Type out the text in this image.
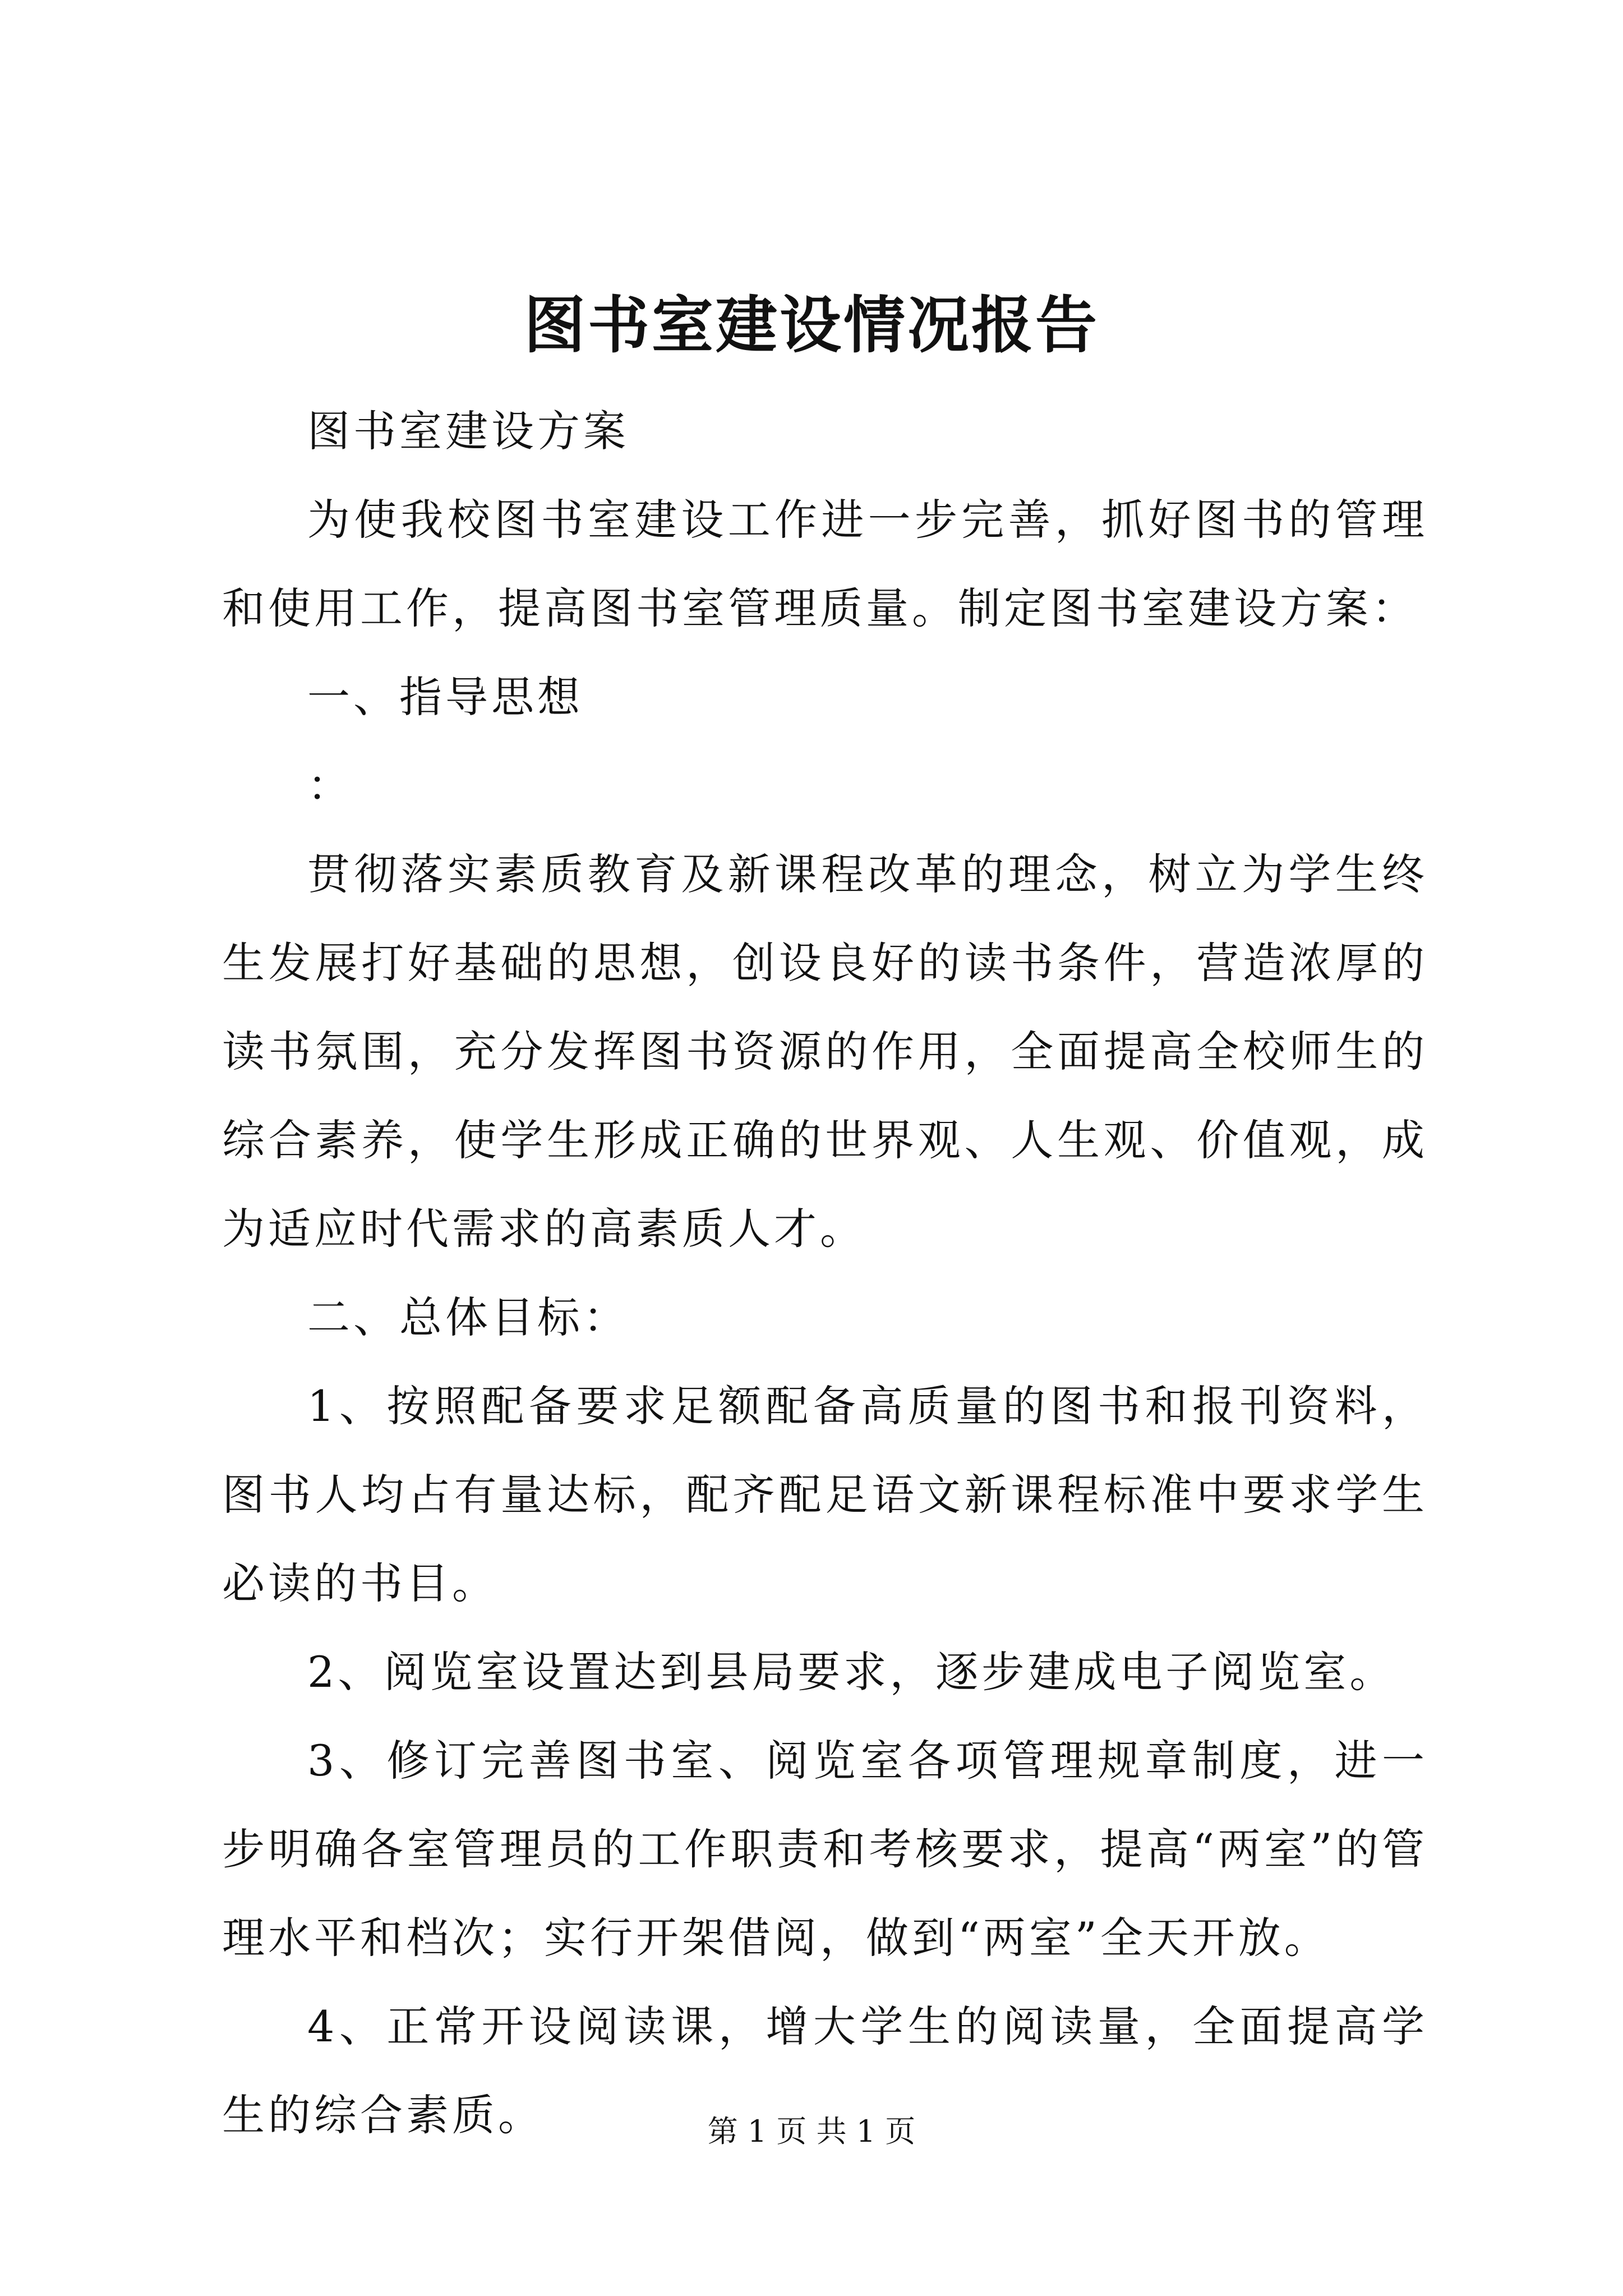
图书室建设情况报告

图书室建设方案

为使我校图书室建设工作进一步完善，抓好图书的管理和使用工作，提高图书室管理质量。制定图书室建设方案：

一、指导思想

：

贯彻落实素质教育及新课程改革的理念，树立为学生终生发展打好基础的思想，创设良好的读书条件，营造浓厚的读书氛围，充分发挥图书资源的作用，全面提高全校师生的综合素养，使学生形成正确的世界观、人生观、价值观，成为适应时代需求的高素质人才。

二、总体目标：

1、按照配备要求足额配备高质量的图书和报刊资料，图书人均占有量达标，配齐配足语文新课程标准中要求学生必读的书目。

2、阅览室设置达到县局要求，逐步建成电子阅览室。

3、修订完善图书室、阅览室各项管理规章制度，进一步明确各室管理员的工作职责和考核要求，提高“两室”的管理水平和档次；实行开架借阅，做到“两室”全天开放。

4、正常开设阅读课，增大学生的阅读量，全面提高学生的综合素质。	第 1 页 共 1 页
